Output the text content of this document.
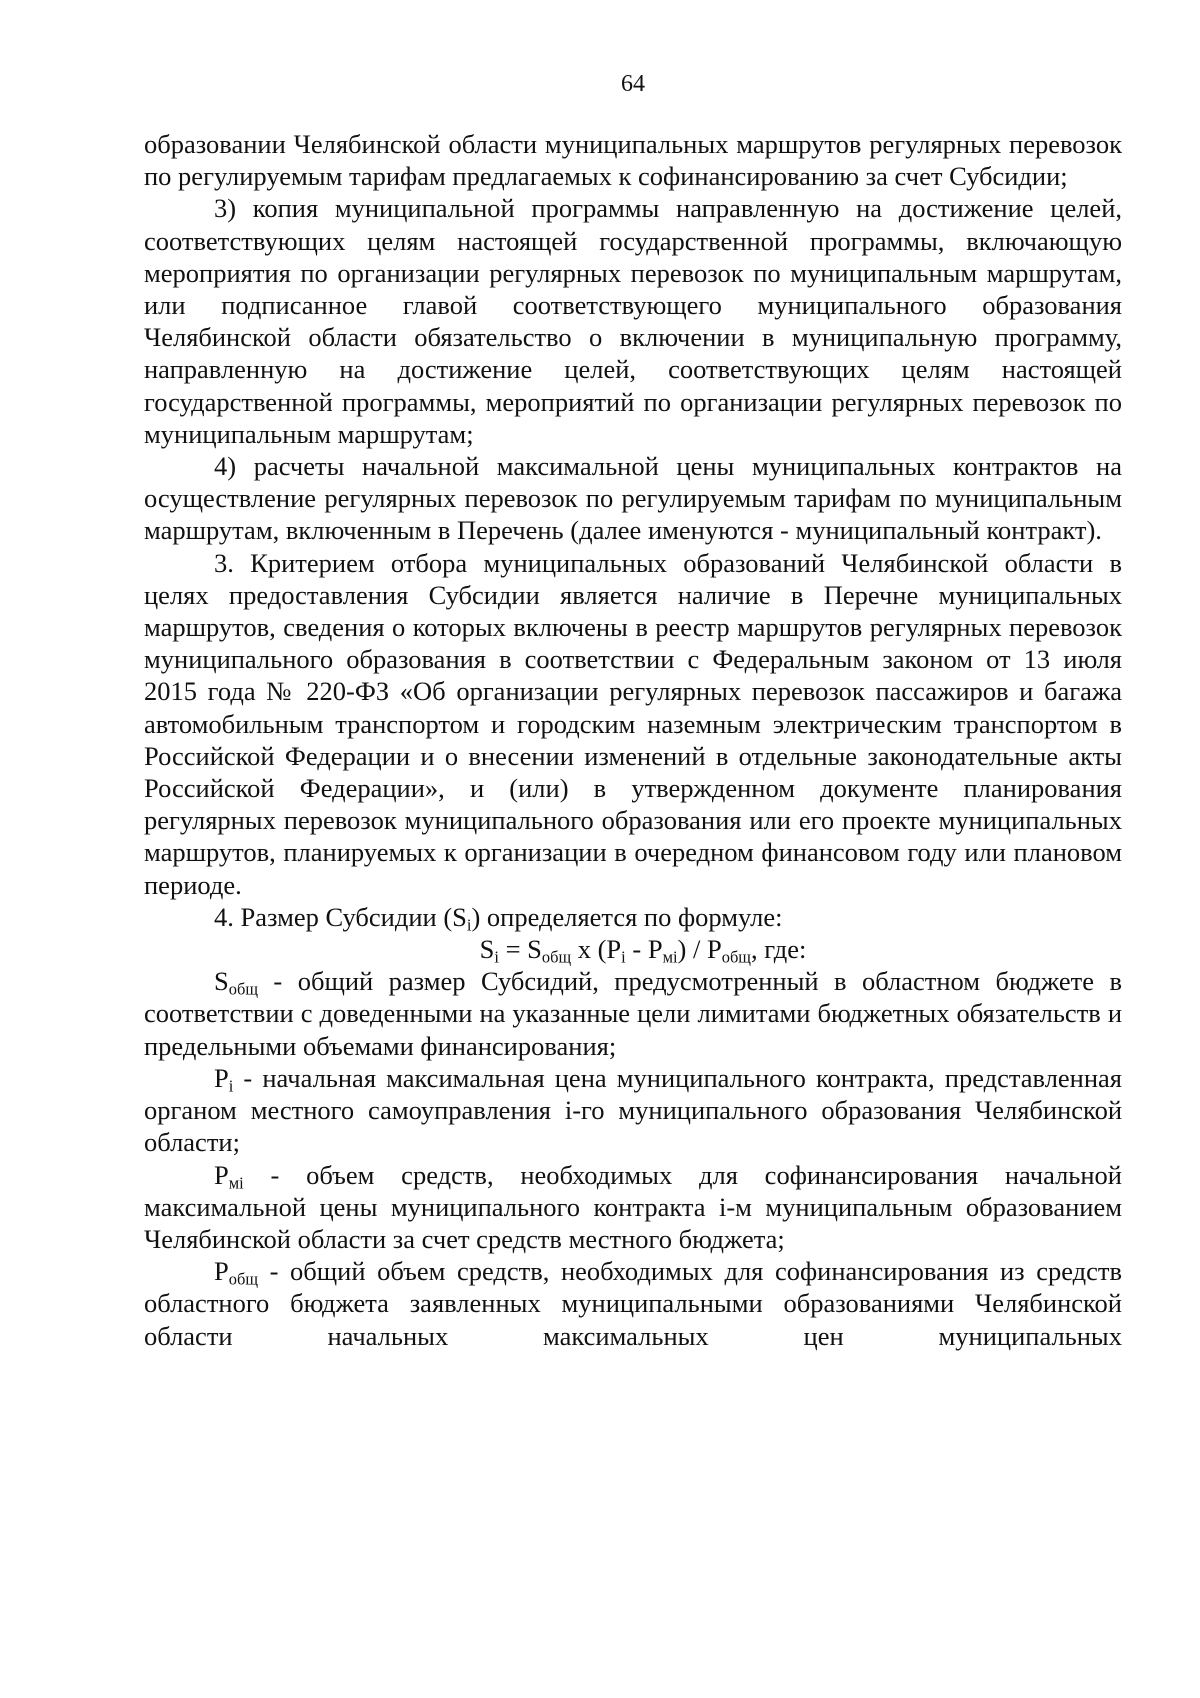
64

образовании Челябинской области муниципальных маршрутов регулярных перевозок по регулируемым тарифам предлагаемых к софинансированию за счет Субсидии;

3) копия муниципальной программы направленную на достижение целей, соответствующих целям настоящей государственной программы, включающую мероприятия по организации регулярных перевозок по муниципальным маршрутам, или подписанное главой соответствующего муниципального образования Челябинской области обязательство о включении в муниципальную программу, направленную на достижение целей, соответствующих целям настоящей государственной программы, мероприятий по организации регулярных перевозок по муниципальным маршрутам;

4) расчеты начальной максимальной цены муниципальных контрактов на осуществление регулярных перевозок по регулируемым тарифам по муниципальным маршрутам, включенным в Перечень (далее именуются - муниципальный контракт).

3. Критерием отбора муниципальных образований Челябинской области в целях предоставления Субсидии является наличие в Перечне муниципальных маршрутов, сведения о которых включены в реестр маршрутов регулярных перевозок муниципального образования в соответствии с Федеральным законом от 13 июля 2015 года № 220-ФЗ «Об организации регулярных перевозок пассажиров и багажа автомобильным транспортом и городским наземным электрическим транспортом в Российской Федерации и о внесении изменений в отдельные законодательные акты Российской Федерации», и (или) в утвержденном документе планирования регулярных перевозок муниципального образования или его проекте муниципальных маршрутов, планируемых к организации в очередном финансовом году или плановом периоде.

4. Размер Субсидии $(S_i)$ определяется по формуле:

$S_i = S_{общ}$ x $(P_i - P_{мi}) / P_{общ}$, где:

$S_{общ}$ - общий размер Субсидий, предусмотренный в областном бюджете в соответствии с доведенными на указанные цели лимитами бюджетных обязательств и предельными объемами финансирования;

$P_i$ - начальная максимальная цена муниципального контракта, представленная органом местного самоуправления i-го муниципального образования Челябинской области;

$P_{мi}$ - объем средств, необходимых для софинансирования начальной максимальной цены муниципального контракта i-м муниципальным образованием Челябинской области за счет средств местного бюджета;

$P_{общ}$ - общий объем средств, необходимых для софинансирования из средств областного бюджета заявленных муниципальными образованиями Челябинской области начальных максимальных цен муниципальных
